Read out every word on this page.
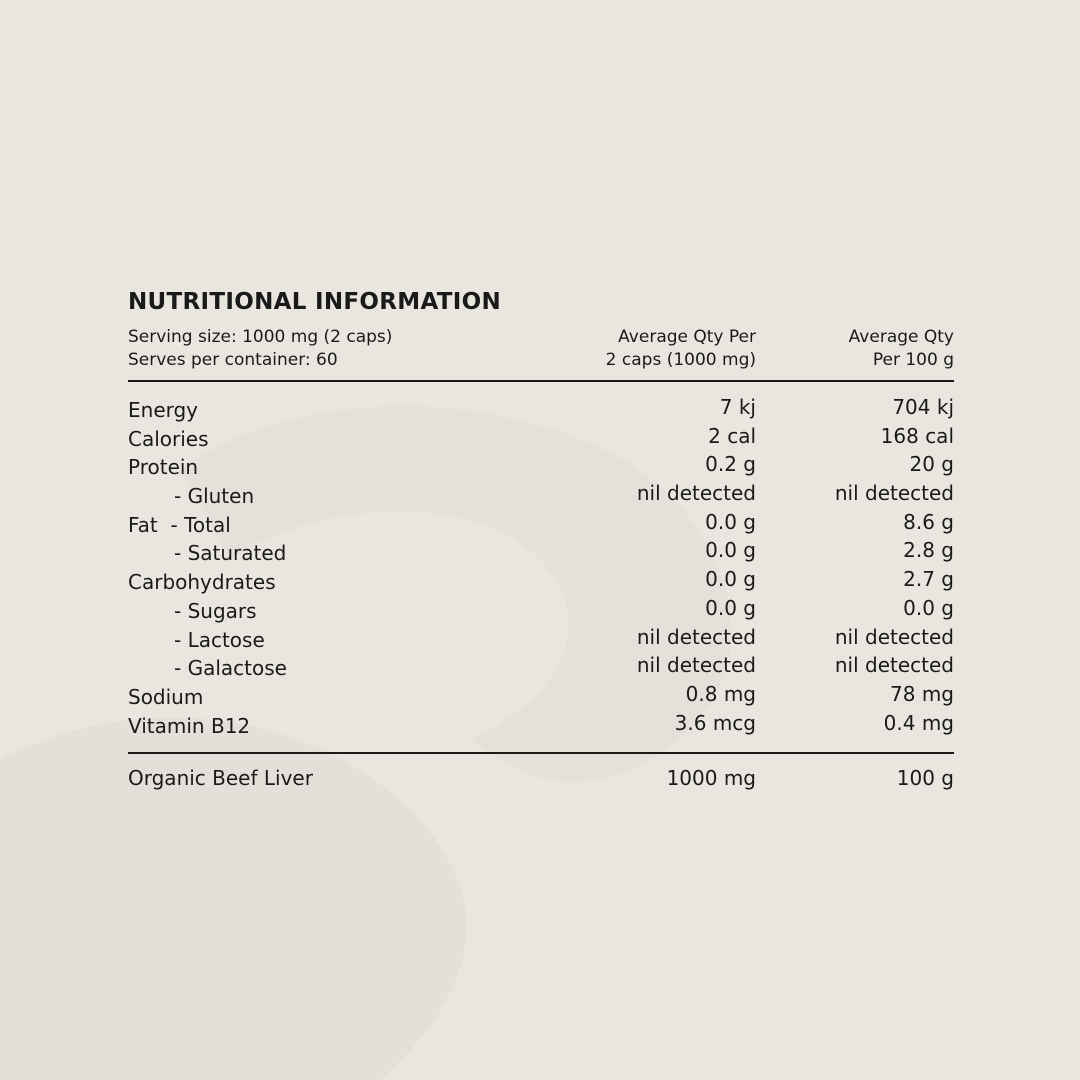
NUTRITIONAL INFORMATION
Serving size: 1000 mg (2 caps)
Serves per container: 60
Average Qty Per
2 caps (1000 mg)
Average Qty
Per 100 g
Energy	7 kj	704 kj
Calories	2 cal	168 cal
Protein	0.2 g	20 g
- Gluten	nil detected	nil detected
Fat  - Total	0.0 g	8.6 g
- Saturated	0.0 g	2.8 g
Carbohydrates	0.0 g	2.7 g
- Sugars	0.0 g	0.0 g
- Lactose	nil detected	nil detected
- Galactose	nil detected	nil detected
Sodium	0.8 mg	78 mg
Vitamin B12	3.6 mcg	0.4 mg
Organic Beef Liver	1000 mg	100 g
